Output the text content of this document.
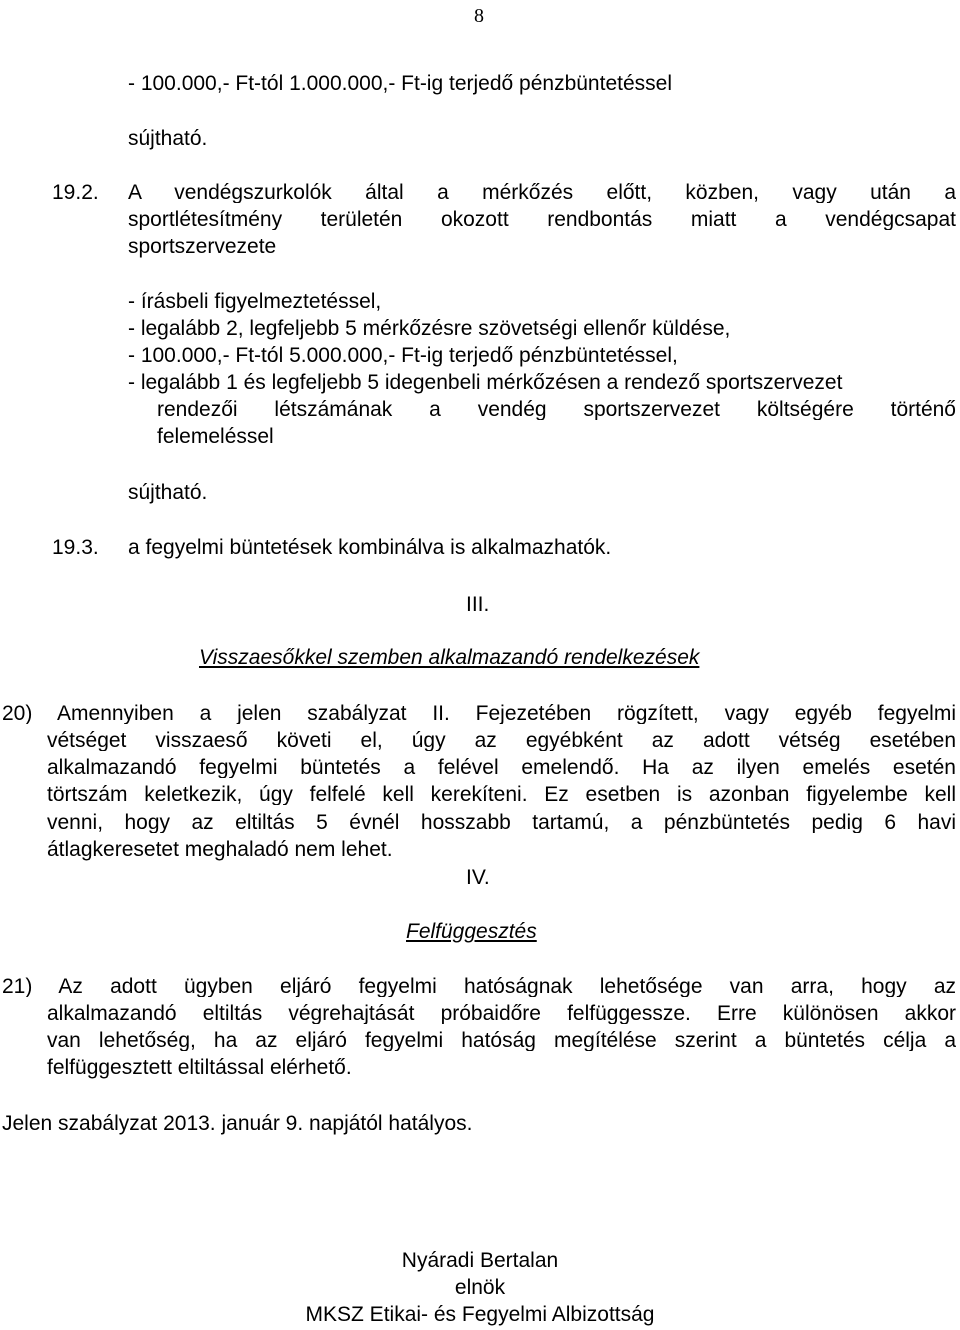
8
- 100.000,- Ft-tól 1.000.000,- Ft-ig terjedő pénzbüntetéssel
sújtható.
19.2. A vendégszurkolók által a mérkőzés előtt, közben, vagy után a
sportlétesítmény területén okozott rendbontás miatt a vendégcsapat
sportszervezete
- írásbeli figyelmeztetéssel,
- legalább 2, legfeljebb 5 mérkőzésre szövetségi ellenőr küldése,
- 100.000,- Ft-tól 5.000.000,- Ft-ig terjedő pénzbüntetéssel,
- legalább 1 és legfeljebb 5 idegenbeli mérkőzésen a rendező sportszervezet
rendezői létszámának a vendég sportszervezet költségére történő
felemeléssel
sújtható.
19.3. a fegyelmi büntetések kombinálva is alkalmazhatók.
III.
Visszaesőkkel szemben alkalmazandó rendelkezések
20) Amennyiben a jelen szabályzat II. Fejezetében rögzített, vagy egyéb fegyelmi
vétséget visszaeső követi el, úgy az egyébként az adott vétség esetében
alkalmazandó fegyelmi büntetés a felével emelendő. Ha az ilyen emelés esetén
törtszám keletkezik, úgy felfelé kell kerekíteni. Ez esetben is azonban figyelembe kell
venni, hogy az eltiltás 5 évnél hosszabb tartamú, a pénzbüntetés pedig 6 havi
átlagkeresetet meghaladó nem lehet.
IV.
Felfüggesztés
21) Az adott ügyben eljáró fegyelmi hatóságnak lehetősége van arra, hogy az
alkalmazandó eltiltás végrehajtását próbaidőre felfüggessze. Erre különösen akkor
van lehetőség, ha az eljáró fegyelmi hatóság megítélése szerint a büntetés célja a
felfüggesztett eltiltással elérhető.
Jelen szabályzat 2013. január 9. napjától hatályos.
Nyáradi Bertalan
elnök
MKSZ Etikai- és Fegyelmi Albizottság
